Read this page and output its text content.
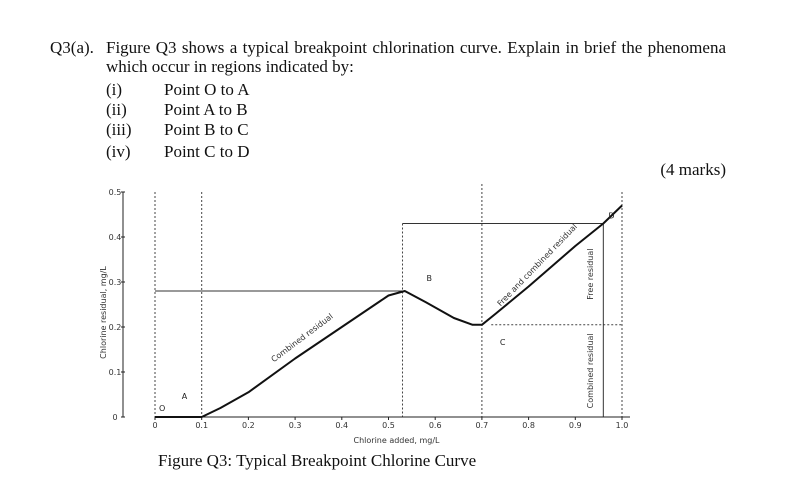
Q3(a). Figure Q3 shows a typical breakpoint chlorination curve. Explain in brief the phenomena which occur in regions indicated by:
(i) Point O to A
(ii) Point A to B
(iii) Point B to C
(iv) Point C to D
(4 marks)
0	0.1	0.2	0.3	0.4	0.5	0.6	0.7	0.8	0.9	1.0
0
0.1
0.2
0.3
0.4
0.5
Chlorine added, mg/L
Chlorine residual, mg/L
O
A
B
C
D
Combined residual
Free and combined residual
Combined residual
Free residual
Figure Q3: Typical Breakpoint Chlorine Curve
